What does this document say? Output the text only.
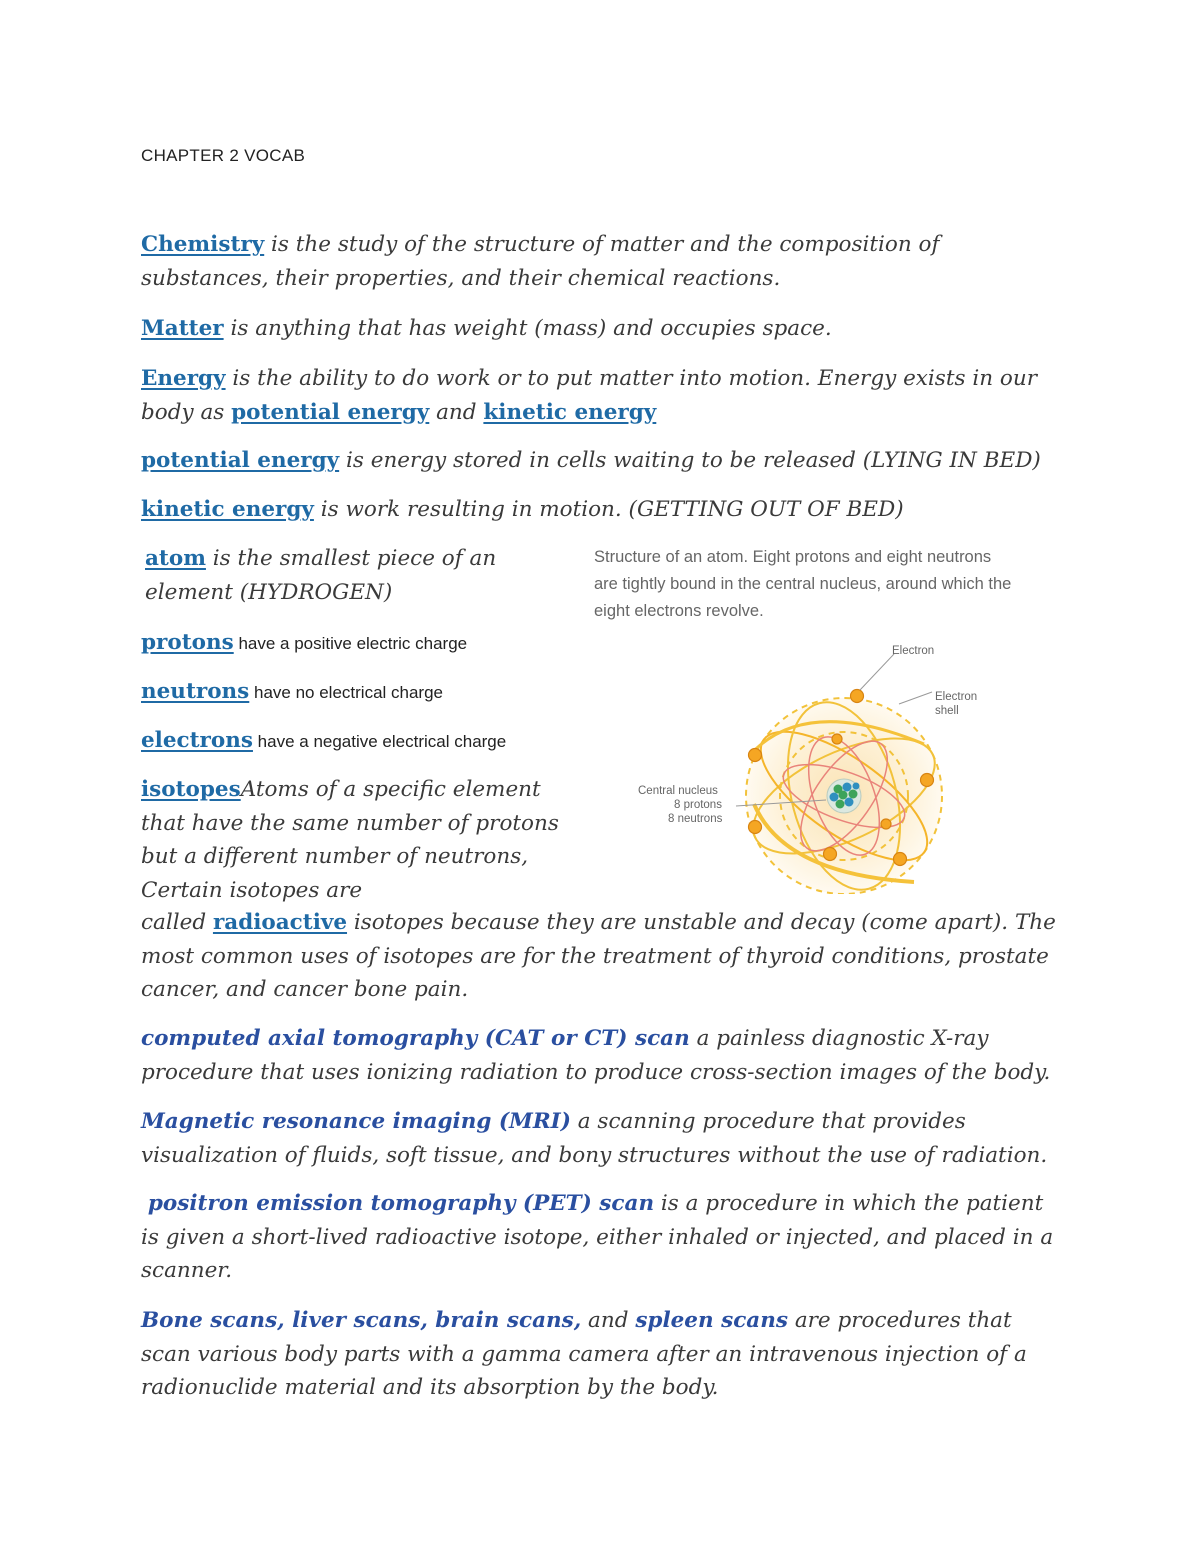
CHAPTER 2 VOCAB

Chemistry is the study of the structure of matter and the composition of substances, their properties, and their chemical reactions.

Matter is anything that has weight (mass) and occupies space.

Energy is the ability to do work or to put matter into motion. Energy exists in our body as potential energy and kinetic energy

potential energy is energy stored in cells waiting to be released (LYING IN BED)

kinetic energy is work resulting in motion. (GETTING OUT OF BED)

atom is the smallest piece of an element (HYDROGEN)

protons have a positive electric charge

neutrons have no electrical charge

electrons have a negative electrical charge

isotopesAtoms of a specific element that have the same number of protons but a different number of neutrons, Certain isotopes are

called radioactive isotopes because they are unstable and decay (come apart). The most common uses of isotopes are for the treatment of thyroid conditions, prostate cancer, and cancer bone pain.

computed axial tomography (CAT or CT) scan a painless diagnostic X-ray procedure that uses ionizing radiation to produce cross-section images of the body.

Magnetic resonance imaging (MRI) a scanning procedure that provides visualization of fluids, soft tissue, and bony structures without the use of radiation.

positron emission tomography (PET) scan is a procedure in which the patient is given a short-lived radioactive isotope, either inhaled or injected, and placed in a scanner.

Bone scans, liver scans, brain scans, and spleen scans are procedures that scan various body parts with a gamma camera after an intravenous injection of a radionuclide material and its absorption by the body.

Structure of an atom. Eight protons and eight neutrons are tightly bound in the central nucleus, around which the eight electrons revolve.
Electron
Electron
shell
Central nucleus
8 protons
8 neutrons
